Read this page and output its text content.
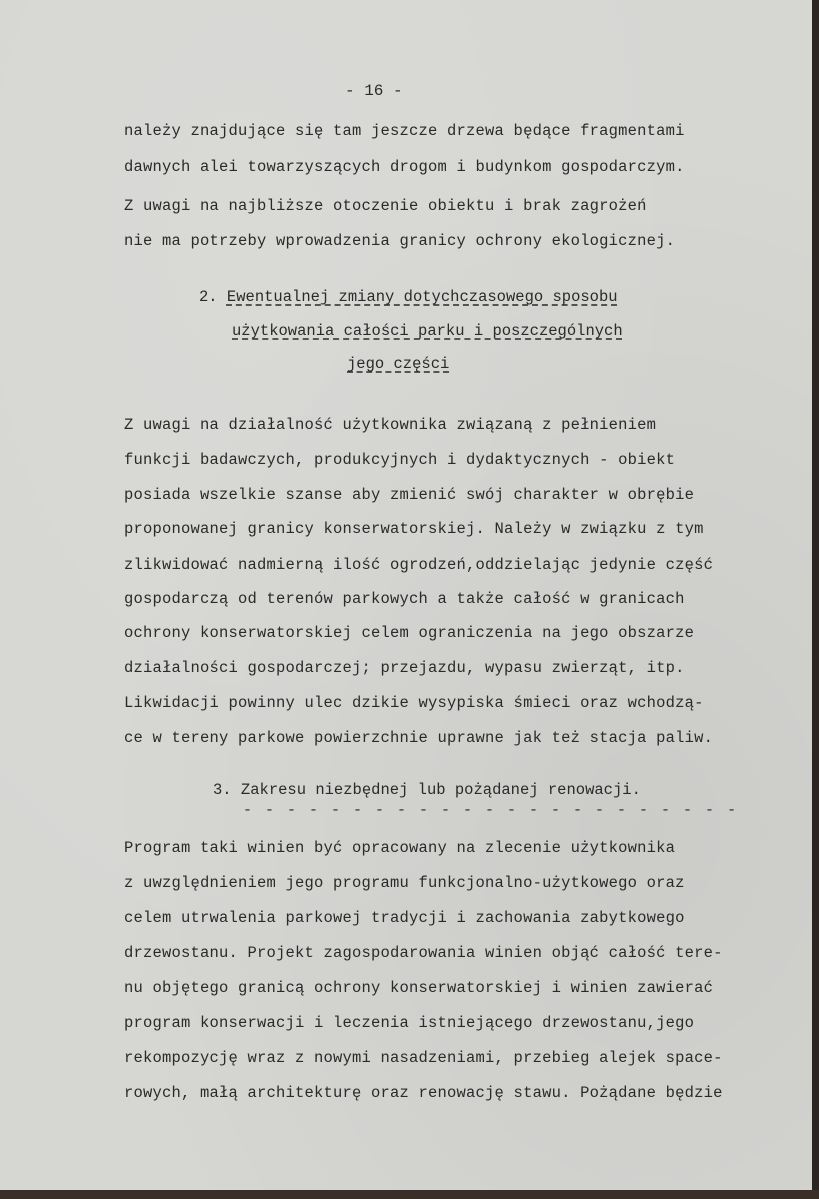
- 16 -
należy znajdujące się tam jeszcze drzewa będące fragmentami
dawnych alei towarzyszących drogom i budynkom gospodarczym.
Z uwagi na najbliższe otoczenie obiektu i brak zagrożeń
nie ma potrzeby wprowadzenia granicy ochrony ekologicznej.
2. Ewentualnej zmiany dotychczasowego sposobu
użytkowania całości parku i poszczególnych
jego części
Z uwagi na działalność użytkownika związaną z pełnieniem
funkcji badawczych, produkcyjnych i dydaktycznych - obiekt
posiada wszelkie szanse aby zmienić swój charakter w obrębie
proponowanej granicy konserwatorskiej. Należy w związku z tym
zlikwidować nadmierną ilość ogrodzeń,oddzielając jedynie część
gospodarczą od terenów parkowych a także całość w granicach
ochrony konserwatorskiej celem ograniczenia na jego obszarze
działalności gospodarczej; przejazdu, wypasu zwierząt, itp.
Likwidacji powinny ulec dzikie wysypiska śmieci oraz wchodzą-
ce w tereny parkowe powierzchnie uprawne jak też stacja paliw.
3. Zakresu niezbędnej lub pożądanej renowacji.
- - - - - - - - - - - - - - - - - - - - - - -
Program taki winien być opracowany na zlecenie użytkownika
z uwzględnieniem jego programu funkcjonalno-użytkowego oraz
celem utrwalenia parkowej tradycji i zachowania zabytkowego
drzewostanu. Projekt zagospodarowania winien objąć całość tere-
nu objętego granicą ochrony konserwatorskiej i winien zawierać
program konserwacji i leczenia istniejącego drzewostanu,jego
rekompozycję wraz z nowymi nasadzeniami, przebieg alejek space-
rowych, małą architekturę oraz renowację stawu. Pożądane będzie
